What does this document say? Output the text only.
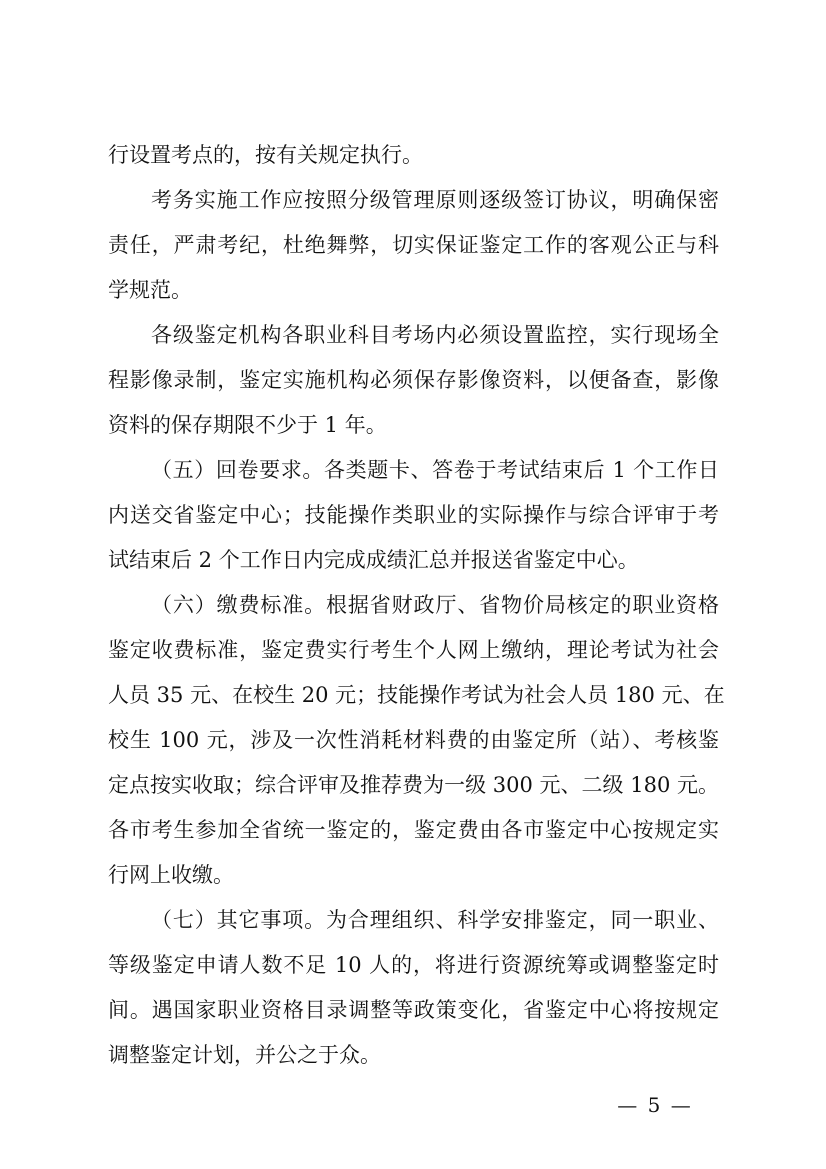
行设置考点的，按有关规定执行。
考务实施工作应按照分级管理原则逐级签订协议，明确保密
责任，严肃考纪，杜绝舞弊，切实保证鉴定工作的客观公正与科
学规范。
各级鉴定机构各职业科目考场内必须设置监控，实行现场全
程影像录制，鉴定实施机构必须保存影像资料，以便备查，影像
资料的保存期限不少于 1 年。
（五）回卷要求。各类题卡、答卷于考试结束后 1 个工作日
内送交省鉴定中心；技能操作类职业的实际操作与综合评审于考
试结束后 2 个工作日内完成成绩汇总并报送省鉴定中心。
（六）缴费标准。根据省财政厅、省物价局核定的职业资格
鉴定收费标准，鉴定费实行考生个人网上缴纳，理论考试为社会
人员 35 元、在校生 20 元；技能操作考试为社会人员 180 元、在
校生 100 元，涉及一次性消耗材料费的由鉴定所（站）、考核鉴
定点按实收取；综合评审及推荐费为一级 300 元、二级 180 元。
各市考生参加全省统一鉴定的，鉴定费由各市鉴定中心按规定实
行网上收缴。
（七）其它事项。为合理组织、科学安排鉴定，同一职业、
等级鉴定申请人数不足 10 人的，将进行资源统筹或调整鉴定时
间。遇国家职业资格目录调整等政策变化，省鉴定中心将按规定
调整鉴定计划，并公之于众。
— 5 —
